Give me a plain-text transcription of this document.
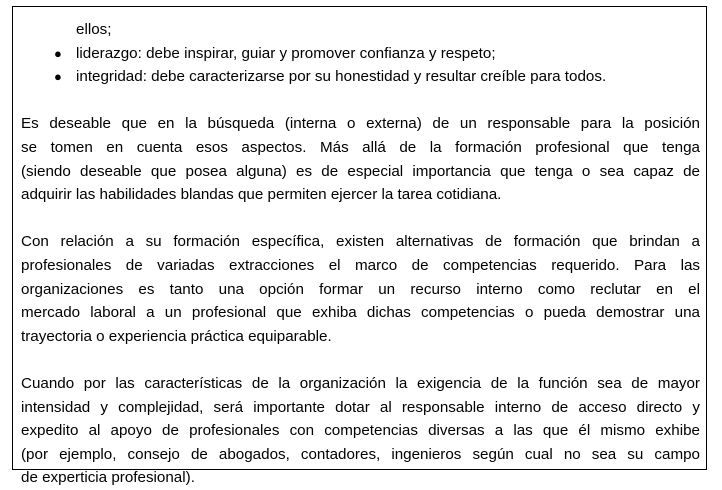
ellos;
● liderazgo: debe inspirar, guiar y promover confianza y respeto;
● integridad: debe caracterizarse por su honestidad y resultar creíble para todos.

Es deseable que en la búsqueda (interna o externa) de un responsable para la posición
se tomen en cuenta esos aspectos. Más allá de la formación profesional que tenga
(siendo deseable que posea alguna) es de especial importancia que tenga o sea capaz de
adquirir las habilidades blandas que permiten ejercer la tarea cotidiana.

Con relación a su formación específica, existen alternativas de formación que brindan a
profesionales de variadas extracciones el marco de competencias requerido. Para las
organizaciones es tanto una opción formar un recurso interno como reclutar en el
mercado laboral a un profesional que exhiba dichas competencias o pueda demostrar una
trayectoria o experiencia práctica equiparable.

Cuando por las características de la organización la exigencia de la función sea de mayor
intensidad y complejidad, será importante dotar al responsable interno de acceso directo y
expedito al apoyo de profesionales con competencias diversas a las que él mismo exhibe
(por ejemplo, consejo de abogados, contadores, ingenieros según cual no sea su campo
de experticia profesional).
